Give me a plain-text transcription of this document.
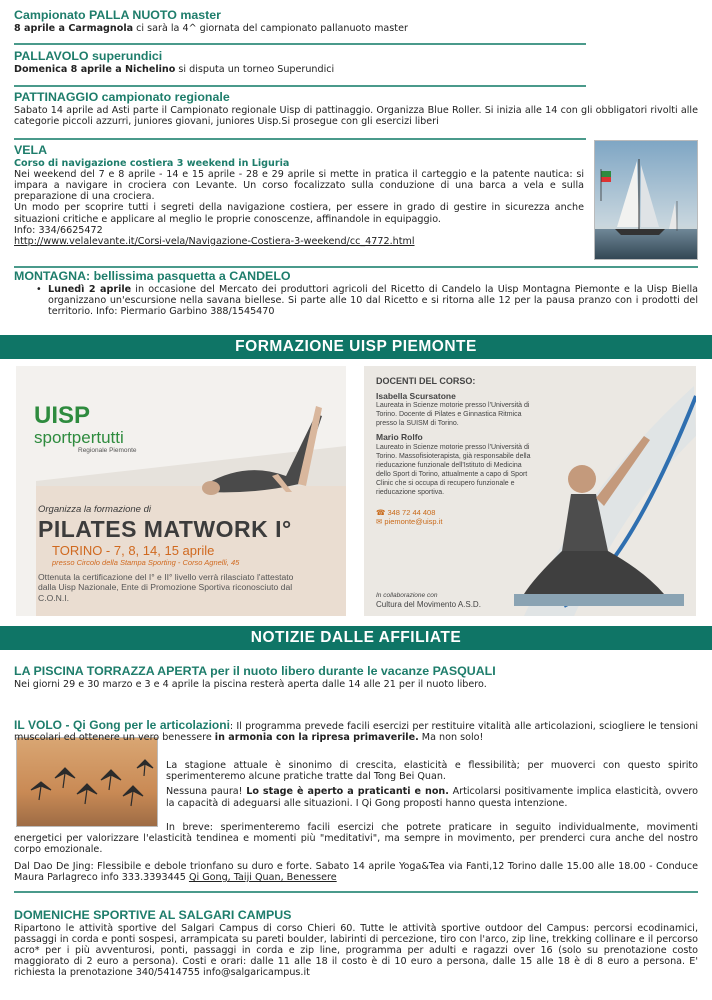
Campionato PALLA NUOTO master
8 aprile a Carmagnola ci sarà la 4^ giornata del campionato pallanuoto master
PALLAVOLO superundici
Domenica 8 aprile a Nichelino si disputa un torneo Superundici
PATTINAGGIO campionato regionale

Sabato 14 aprile ad Asti parte il Campionato regionale Uisp di pattinaggio. Organizza Blue Roller. Si inizia alle 14 con gli obbligatori rivolti alle categorie piccoli azzurri, juniores giovani, juniores Uisp.Si prosegue con gli esercizi liberi

VELA
Corso di navigazione costiera 3 weekend in Liguria

Nei weekend del 7 e 8 aprile - 14 e 15 aprile - 28 e 29 aprile si mette in pratica il carteggio e la patente nautica: si impara a navigare in crociera con Levante. Un corso focalizzato sulla conduzione di una barca a vela e sulla preparazione di una crociera.

Un modo per scoprire tutti i segreti della navigazione costiera, per essere in grado di gestire in sicurezza anche situazioni critiche e applicare al meglio le proprie conoscenze, affinandole in equipaggio.

Info: 334/6625472
http://www.velalevante.it/Corsi-vela/Navigazione-Costiera-3-weekend/cc_4772.html
MONTAGNA: bellissima pasquetta a CANDELO
• Lunedì 2 aprile in occasione del Mercato dei produttori agricoli del Ricetto di Candelo la Uisp Montagna Piemonte e la Uisp Biella organizzano un'escursione nella savana biellese. Si parte alle 10 dal Ricetto e si ritorna alle 12 per la pausa pranzo con i prodotti del territorio. Info: Piermario Garbino 388/1545470

FORMAZIONE UISP PIEMONTE
UISP
sportpertutti
Regionale Piemonte
Organizza la formazione di
PILATES MATWORK I°
TORINO - 7, 8, 14, 15 aprile
presso Circolo della Stampa Sporting - Corso Agnelli, 45
Ottenuta la certificazione del I° e II° livello verrà rilasciato l'attestato dalla Uisp Nazionale, Ente di Promozione Sportiva riconosciuto dal C.O.N.I.
DOCENTI DEL CORSO:
Isabella Scursatone
Laureata in Scienze motorie presso l'Università di Torino. Docente di Pilates e Ginnastica Ritmica presso la SUISM di Torino.
Mario Rolfo
Laureato in Scienze motorie presso l'Università di Torino. Massofisioterapista, già responsabile della rieducazione funzionale dell'Istituto di Medicina dello Sport di Torino, attualmente a capo di Sport Clinic che si occupa di recupero funzionale e rieducazione sportiva.
☎ 348 72 44 408
✉ piemonte@uisp.it
In collaborazione con
Cultura del Movimento A.S.D.
NOTIZIE DALLE AFFILIATE
LA PISCINA TORRAZZA APERTA per il nuoto libero durante le vacanze PASQUALI
Nei giorni 29 e 30 marzo e 3 e 4 aprile la piscina resterà aperta dalle 14 alle 21 per il nuoto libero.

IL VOLO - Qi Gong per le articolazioni: Il programma prevede facili esercizi per restituire vitalità alle articolazioni, sciogliere le tensioni muscolari ed ottenere un vero benessere in armonia con la ripresa primaverile. Ma non solo!

La stagione attuale è sinonimo di crescita, elasticità e flessibilità; per muoverci con questo spirito sperimenteremo alcune pratiche tratte dal Tong Bei Quan.

Nessuna paura! Lo stage è aperto a praticanti e non. Articolarsi positivamente implica elasticità, ovvero la capacità di adeguarsi alle situazioni. I Qi Gong proposti hanno questa intenzione.

In breve: sperimenteremo facili esercizi che potrete praticare in seguito individualmente, movimenti energetici per valorizzare l'elasticità tendinea e momenti più "meditativi", ma sempre in movimento, per prenderci cura anche del nostro corpo emozionale.

Dal Dao De Jing: Flessibile e debole trionfano su duro e forte. Sabato 14 aprile Yoga&Tea via Fanti,12 Torino dalle 15.00 alle 18.00 - Conduce Maura Parlagreco info 333.3393445 Qi Gong, Taiji Quan, Benessere

DOMENICHE SPORTIVE AL SALGARI CAMPUS

Ripartono le attività sportive del Salgari Campus di corso Chieri 60. Tutte le attività sportive outdoor del Campus: percorsi ecodinamici, passaggi in corda e ponti sospesi, arrampicata su pareti boulder, labirinti di percezione, tiro con l'arco, zip line, trekking collinare e il percorso acro* per i più avventurosi, ponti, passaggi in corda e zip line, programma per adulti e ragazzi over 16 (solo su prenotazione costo maggiorato di 2 euro a persona). Costi e orari: dalle 11 alle 18 il costo è di 10 euro a persona, dalle 15 alle 18 è di 8 euro a persona. E' richiesta la prenotazione 340/5414755 info@salgaricampus.it
